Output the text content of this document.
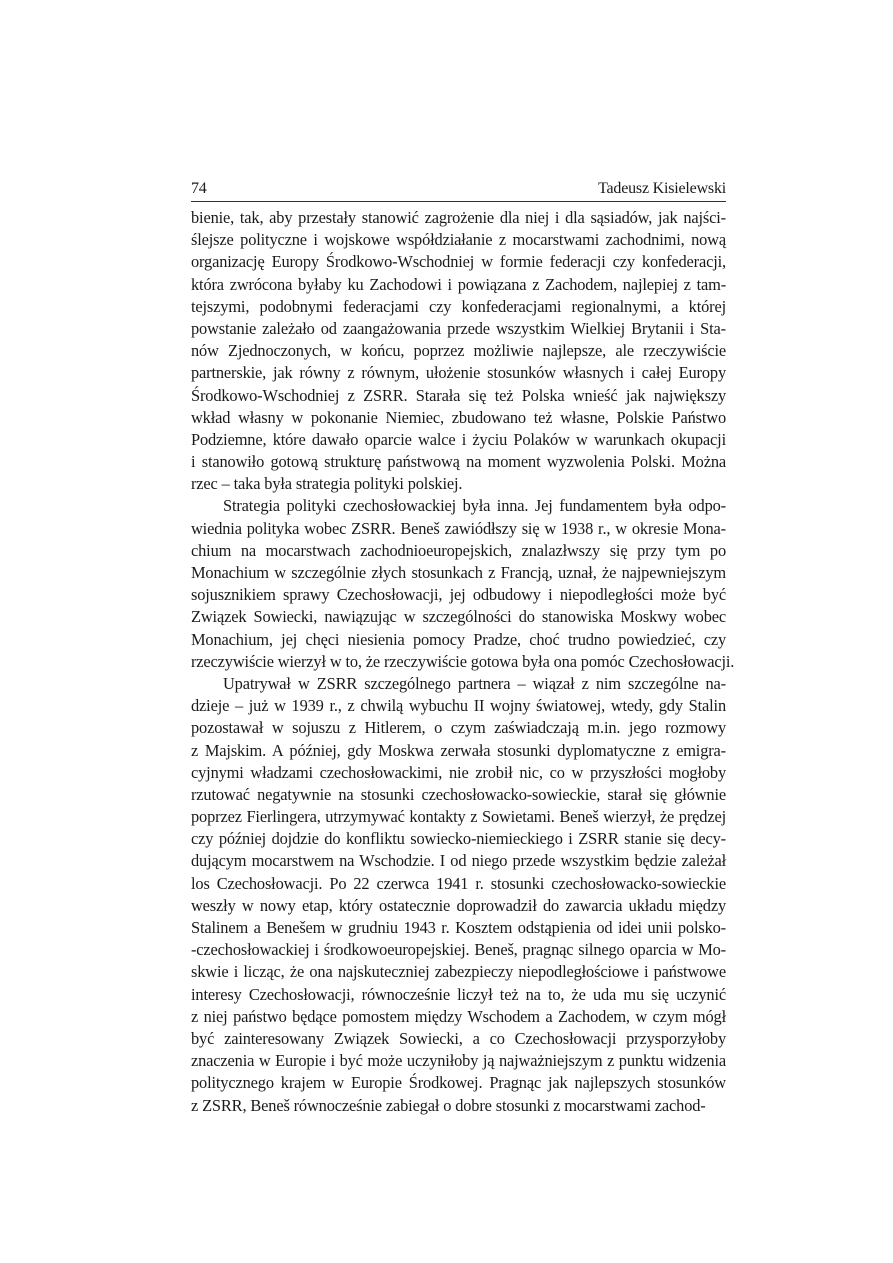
74	Tadeusz Kisielewski
bienie, tak, aby przestały stanowić zagrożenie dla niej i dla sąsiadów, jak najści-
ślejsze polityczne i wojskowe współdziałanie z mocarstwami zachodnimi, nową
organizację Europy Środkowo-Wschodniej w formie federacji czy konfederacji,
która zwrócona byłaby ku Zachodowi i powiązana z Zachodem, najlepiej z tam-
tejszymi, podobnymi federacjami czy konfederacjami regionalnymi, a której
powstanie zależało od zaangażowania przede wszystkim Wielkiej Brytanii i Sta-
nów Zjednoczonych, w końcu, poprzez możliwie najlepsze, ale rzeczywiście
partnerskie, jak równy z równym, ułożenie stosunków własnych i całej Europy
Środkowo-Wschodniej z ZSRR. Starała się też Polska wnieść jak największy
wkład własny w pokonanie Niemiec, zbudowano też własne, Polskie Państwo
Podziemne, które dawało oparcie walce i życiu Polaków w warunkach okupacji
i stanowiło gotową strukturę państwową na moment wyzwolenia Polski. Można
rzec – taka była strategia polityki polskiej.
Strategia polityki czechosłowackiej była inna. Jej fundamentem była odpo-
wiednia polityka wobec ZSRR. Beneš zawiódłszy się w 1938 r., w okresie Mona-
chium na mocarstwach zachodnioeuropejskich, znalazłwszy się przy tym po
Monachium w szczególnie złych stosunkach z Francją, uznał, że najpewniejszym
sojusznikiem sprawy Czechosłowacji, jej odbudowy i niepodległości może być
Związek Sowiecki, nawiązując w szczególności do stanowiska Moskwy wobec
Monachium, jej chęci niesienia pomocy Pradze, choć trudno powiedzieć, czy
rzeczywiście wierzył w to, że rzeczywiście gotowa była ona pomóc Czechosłowacji.
Upatrywał w ZSRR szczególnego partnera – wiązał z nim szczególne na-
dzieje – już w 1939 r., z chwilą wybuchu II wojny światowej, wtedy, gdy Stalin
pozostawał w sojuszu z Hitlerem, o czym zaświadczają m.in. jego rozmowy
z Majskim. A później, gdy Moskwa zerwała stosunki dyplomatyczne z emigra-
cyjnymi władzami czechosłowackimi, nie zrobił nic, co w przyszłości mogłoby
rzutować negatywnie na stosunki czechosłowacko-sowieckie, starał się głównie
poprzez Fierlingera, utrzymywać kontakty z Sowietami. Beneš wierzył, że prędzej
czy później dojdzie do konfliktu sowiecko-niemieckiego i ZSRR stanie się decy-
dującym mocarstwem na Wschodzie. I od niego przede wszystkim będzie zależał
los Czechosłowacji. Po 22 czerwca 1941 r. stosunki czechosłowacko-sowieckie
weszły w nowy etap, który ostatecznie doprowadził do zawarcia układu między
Stalinem a Benešem w grudniu 1943 r. Kosztem odstąpienia od idei unii polsko-
-czechosłowackiej i środkowoeuropejskiej. Beneš, pragnąc silnego oparcia w Mo-
skwie i licząc, że ona najskuteczniej zabezpieczy niepodległościowe i państwowe
interesy Czechosłowacji, równocześnie liczył też na to, że uda mu się uczynić
z niej państwo będące pomostem między Wschodem a Zachodem, w czym mógł
być zainteresowany Związek Sowiecki, a co Czechosłowacji przysporzyłoby
znaczenia w Europie i być może uczyniłoby ją najważniejszym z punktu widzenia
politycznego krajem w Europie Środkowej. Pragnąc jak najlepszych stosunków
z ZSRR, Beneš równocześnie zabiegał o dobre stosunki z mocarstwami zachod-
